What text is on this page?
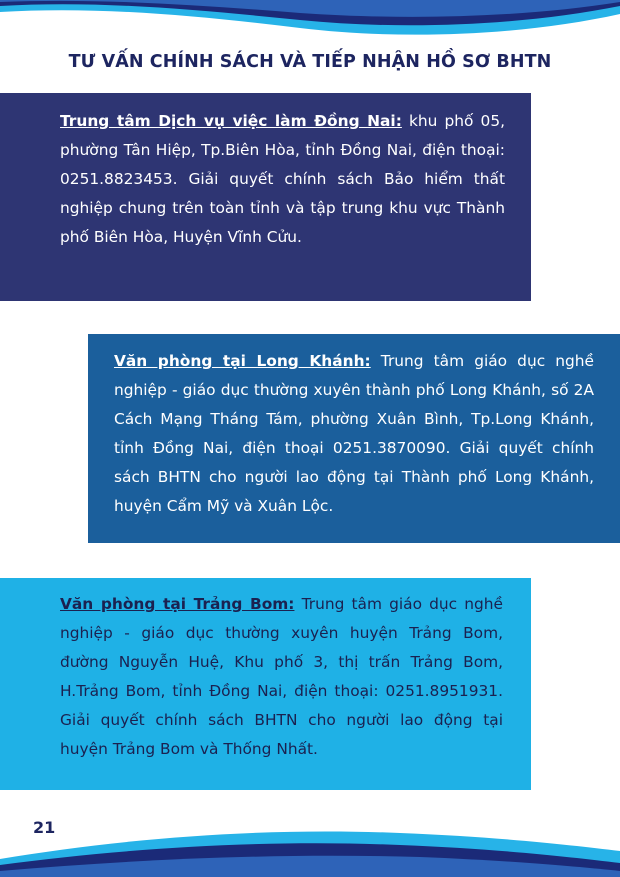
TƯ VẤN CHÍNH SÁCH VÀ TIẾP NHẬN HỒ SƠ BHTN

Trung tâm Dịch vụ việc làm Đồng Nai: khu phố 05, phường Tân Hiệp, Tp.Biên Hòa, tỉnh Đồng Nai, điện thoại: 0251.8823453. Giải quyết chính sách Bảo hiểm thất nghiệp chung trên toàn tỉnh và tập trung khu vực Thành phố Biên Hòa, Huyện Vĩnh Cửu.

Văn phòng tại Long Khánh: Trung tâm giáo dục nghề nghiệp - giáo dục thường xuyên thành phố Long Khánh, số 2A Cách Mạng Tháng Tám, phường Xuân Bình, Tp.Long Khánh, tỉnh Đồng Nai, điện thoại 0251.3870090. Giải quyết chính sách BHTN cho người lao động tại Thành phố Long Khánh, huyện Cẩm Mỹ và Xuân Lộc.

Văn phòng tại Trảng Bom: Trung tâm giáo dục nghề nghiệp - giáo dục thường xuyên huyện Trảng Bom, đường Nguyễn Huệ, Khu phố 3, thị trấn Trảng Bom, H.Trảng Bom, tỉnh Đồng Nai, điện thoại: 0251.8951931. Giải quyết chính sách BHTN cho người lao động tại huyện Trảng Bom và Thống Nhất.

21
